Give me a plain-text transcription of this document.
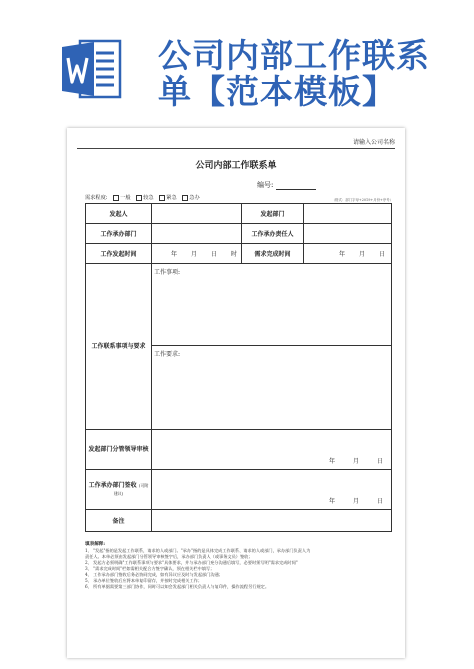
公司内部工作联系
单【范本模板】
请输入公司名称
公司内部工作联系单
编号:
需求程度: 一般 较急 紧急 急办	（格式：部门字母+2019+月份+序号）
发起人		发起部门	
工作承办部门		工作承办责任人	
工作发起时间	年 月 日 时	需求完成时间	年 月 日
工作联系事项与要求	工作事项:		
	工作要求:		
发起部门分管领导审核	年 月 日		
工作承办部门签收 (可附建议)	年 月 日		
备注			
填表解释:
1、 "发起"指的是发起工作联系，请求的人或部门。"承办"指的是具体完成工作联系、请求的人或部门，承办部门负责人为
责任人。本单必须由发起部门分管领导审核签字后，承办部门负责人（或事务文员）签收；
2、 发起方必须明确"工作联系事项与要求"具体要求，并与承办部门充分沟通后填写，必要时须写明"需求完成时间"
3、 "需求完成时间"栏如需相关配合方签字确认，须在相关栏中填写；
4、 工作承办部门签收后务必协同完成，如有异议应及时与发起部门沟通；
5、 承办单位签收后应将本单复印留存，并按时完成相关工作；
6、 所有单据需要第三部门协作，同时可以知会发起部门相关负责人与复印件，操作流程另行规定。
